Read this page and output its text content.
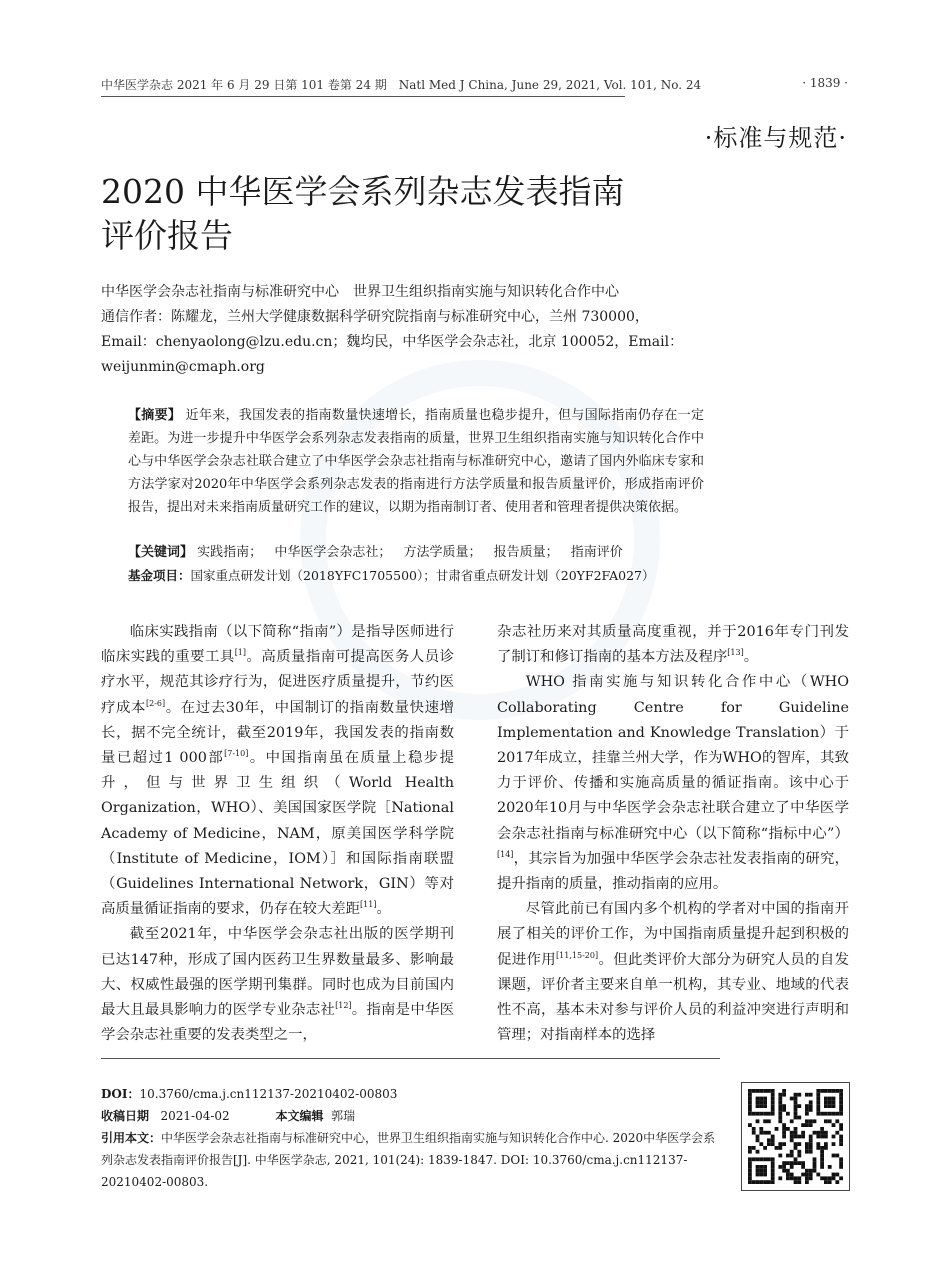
中华医学杂志 2021 年 6 月 29 日第 101 卷第 24 期　Natl Med J China, June 29, 2021, Vol. 101, No. 24	· 1839 ·
·标准与规范·
2020 中华医学会系列杂志发表指南
评价报告
中华医学会杂志社指南与标准研究中心　世界卫生组织指南实施与知识转化合作中心
通信作者：陈耀龙，兰州大学健康数据科学研究院指南与标准研究中心，兰州 730000，
Email：chenyaolong@lzu.edu.cn；魏均民，中华医学会杂志社，北京 100052，Email：
weijunmin@cmaph.org
【摘要】 近年来，我国发表的指南数量快速增长，指南质量也稳步提升，但与国际指南仍存在一定差距。为进一步提升中华医学会系列杂志发表指南的质量，世界卫生组织指南实施与知识转化合作中心与中华医学会杂志社联合建立了中华医学会杂志社指南与标准研究中心，邀请了国内外临床专家和方法学家对2020年中华医学会系列杂志发表的指南进行方法学质量和报告质量评价，形成指南评价报告，提出对未来指南质量研究工作的建议，以期为指南制订者、使用者和管理者提供决策依据。
【关键词】 实践指南； 中华医学会杂志社； 方法学质量； 报告质量； 指南评价
基金项目：国家重点研发计划（2018YFC1705500）；甘肃省重点研发计划（20YF2FA027）

临床实践指南（以下简称“指南”）是指导医师进行临床实践的重要工具[1]。高质量指南可提高医务人员诊疗水平，规范其诊疗行为，促进医疗质量提升，节约医疗成本[2-6]。在过去30年，中国制订的指南数量快速增长，据不完全统计，截至2019年，我国发表的指南数量已超过1 000部[7-10]。中国指南虽在质量上稳步提升，但与世界卫生组织（World Health Organization，WHO）、美国国家医学院［National Academy of Medicine，NAM，原美国医学科学院（Institute of Medicine，IOM）］和国际指南联盟（Guidelines International Network，GIN）等对高质量循证指南的要求，仍存在较大差距[11]。

截至2021年，中华医学会杂志社出版的医学期刊已达147种，形成了国内医药卫生界数量最多、影响最大、权威性最强的医学期刊集群。同时也成为目前国内最大且最具影响力的医学专业杂志社[12]。指南是中华医学会杂志社重要的发表类型之一，

杂志社历来对其质量高度重视，并于2016年专门刊发了制订和修订指南的基本方法及程序[13]。

WHO 指南实施与知识转化合作中心（WHO Collaborating Centre for Guideline Implementation and Knowledge Translation）于2017年成立，挂靠兰州大学，作为WHO的智库，其致力于评价、传播和实施高质量的循证指南。该中心于2020年10月与中华医学会杂志社联合建立了中华医学会杂志社指南与标准研究中心（以下简称“指标中心”）[14]，其宗旨为加强中华医学会杂志社发表指南的研究，提升指南的质量，推动指南的应用。

尽管此前已有国内多个机构的学者对中国的指南开展了相关的评价工作，为中国指南质量提升起到积极的促进作用[11,15-20]。但此类评价大部分为研究人员的自发课题，评价者主要来自单一机构，其专业、地域的代表性不高，基本未对参与评价人员的利益冲突进行声明和管理；对指南样本的选择

DOI：10.3760/cma.j.cn112137-20210402-00803
收稿日期 2021-04-02	本文编辑 郭瑞
引用本文：中华医学会杂志社指南与标准研究中心，世界卫生组织指南实施与知识转化合作中心. 2020中华医学会系列杂志发表指南评价报告[J]. 中华医学杂志, 2021, 101(24): 1839-1847. DOI: 10.3760/cma.j.cn112137-20210402-00803.
